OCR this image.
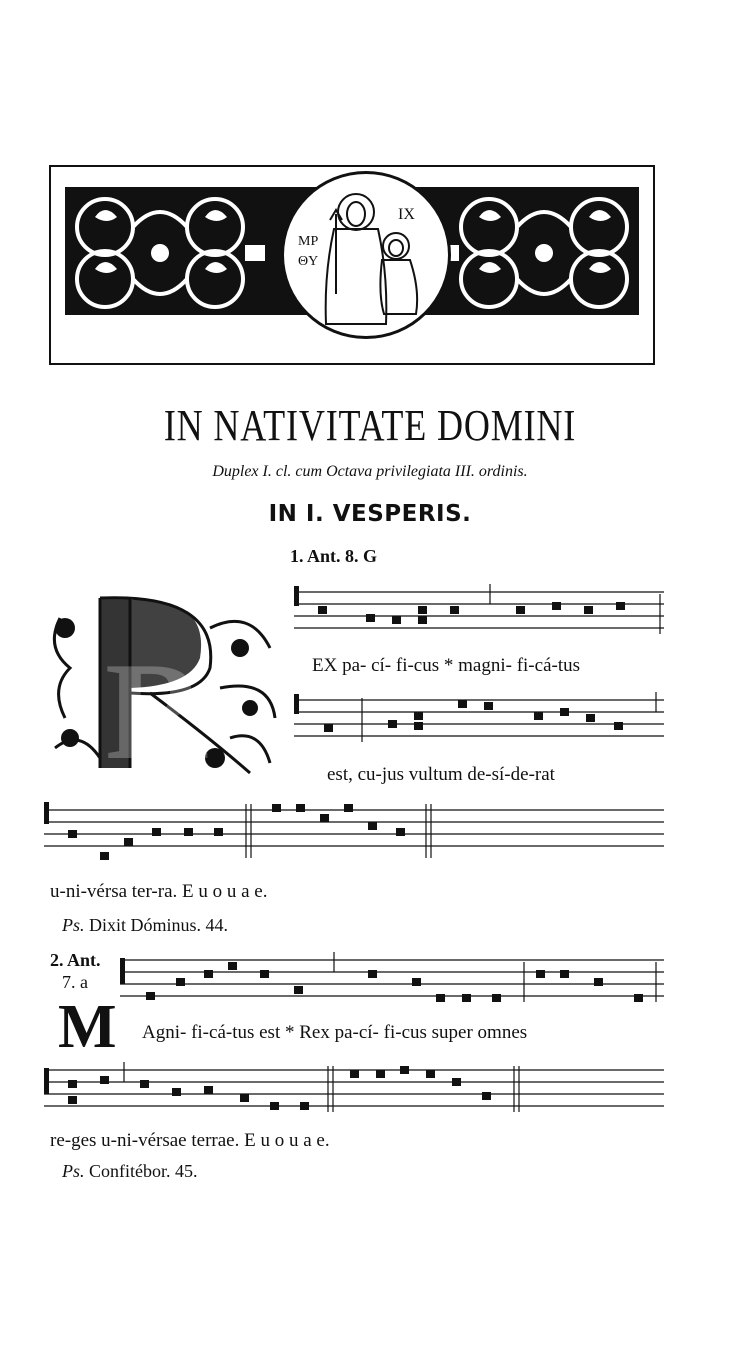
MP
ΘY
IX
IN NATIVITATE DOMINI
Duplex I. cl. cum Octava privilegiata III. ordinis.
IN I. VESPERIS.
1. Ant. 8. G
R	EX pa- cí- fi-cus * magni- fi-cá-tus
est, cu-jus vultum de-sí-de-rat
u-ni-vérsa ter-ra. E u o u a e.
Ps. Dixit Dóminus. 44.
2. Ant.
7. a
M Agni- fi-cá-tus est * Rex pa-cí- fi-cus super omnes
re-ges u-ni-vérsae terrae. E u o u a e.
Ps. Confitébor. 45.
